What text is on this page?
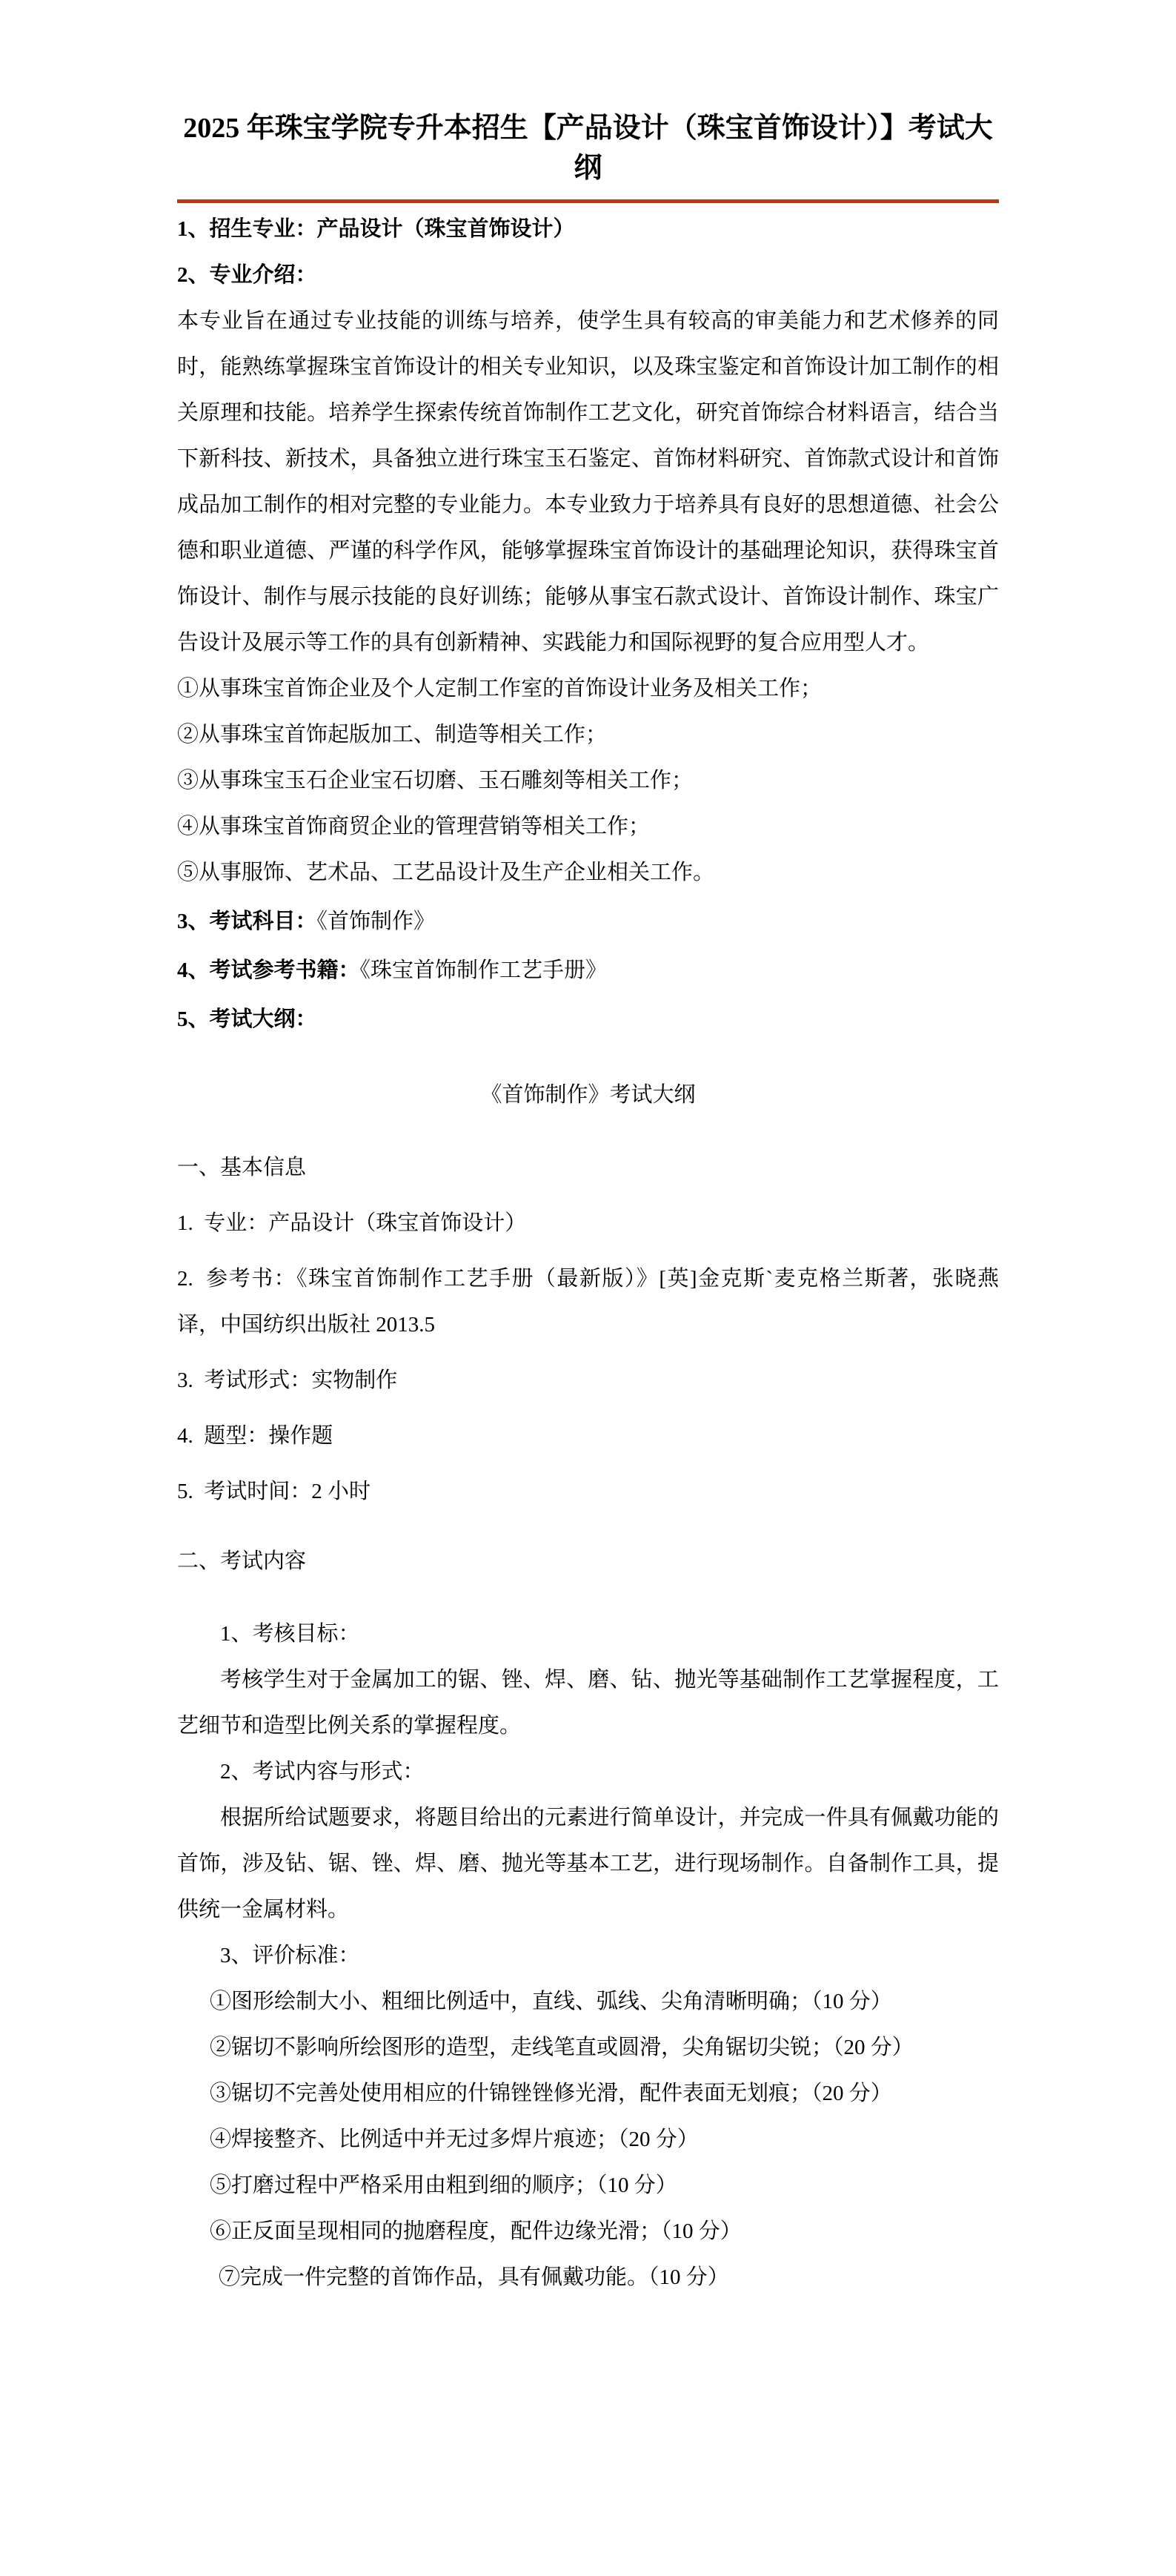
2025 年珠宝学院专升本招生【产品设计（珠宝首饰设计）】考试大纲

1、招生专业：产品设计（珠宝首饰设计）

2、专业介绍：

本专业旨在通过专业技能的训练与培养，使学生具有较高的审美能力和艺术修养的同时，能熟练掌握珠宝首饰设计的相关专业知识，以及珠宝鉴定和首饰设计加工制作的相关原理和技能。培养学生探索传统首饰制作工艺文化，研究首饰综合材料语言，结合当下新科技、新技术，具备独立进行珠宝玉石鉴定、首饰材料研究、首饰款式设计和首饰成品加工制作的相对完整的专业能力。本专业致力于培养具有良好的思想道德、社会公德和职业道德、严谨的科学作风，能够掌握珠宝首饰设计的基础理论知识，获得珠宝首饰设计、制作与展示技能的良好训练；能够从事宝石款式设计、首饰设计制作、珠宝广告设计及展示等工作的具有创新精神、实践能力和国际视野的复合应用型人才。

①从事珠宝首饰企业及个人定制工作室的首饰设计业务及相关工作；

②从事珠宝首饰起版加工、制造等相关工作；

③从事珠宝玉石企业宝石切磨、玉石雕刻等相关工作；

④从事珠宝首饰商贸企业的管理营销等相关工作；

⑤从事服饰、艺术品、工艺品设计及生产企业相关工作。

3、考试科目：《首饰制作》

4、考试参考书籍：《珠宝首饰制作工艺手册》

5、考试大纲：

《首饰制作》考试大纲

一、基本信息

1.  专业：产品设计（珠宝首饰设计）

2.  参考书：《珠宝首饰制作工艺手册（最新版）》[英]金克斯`麦克格兰斯著，张晓燕译，中国纺织出版社 2013.5

3.  考试形式：实物制作

4.  题型：操作题

5.  考试时间：2 小时

二、考试内容

1、考核目标：

考核学生对于金属加工的锯、锉、焊、磨、钻、抛光等基础制作工艺掌握程度，工艺细节和造型比例关系的掌握程度。

2、考试内容与形式：

根据所给试题要求，将题目给出的元素进行简单设计，并完成一件具有佩戴功能的首饰，涉及钻、锯、锉、焊、磨、抛光等基本工艺，进行现场制作。自备制作工具，提供统一金属材料。

3、评价标准：

①图形绘制大小、粗细比例适中，直线、弧线、尖角清晰明确；（10 分）

②锯切不影响所绘图形的造型，走线笔直或圆滑，尖角锯切尖锐；（20 分）

③锯切不完善处使用相应的什锦锉锉修光滑，配件表面无划痕；（20 分）

④焊接整齐、比例适中并无过多焊片痕迹；（20 分）

⑤打磨过程中严格采用由粗到细的顺序；（10 分）

⑥正反面呈现相同的抛磨程度，配件边缘光滑；（10 分）

⑦完成一件完整的首饰作品，具有佩戴功能。（10 分）
